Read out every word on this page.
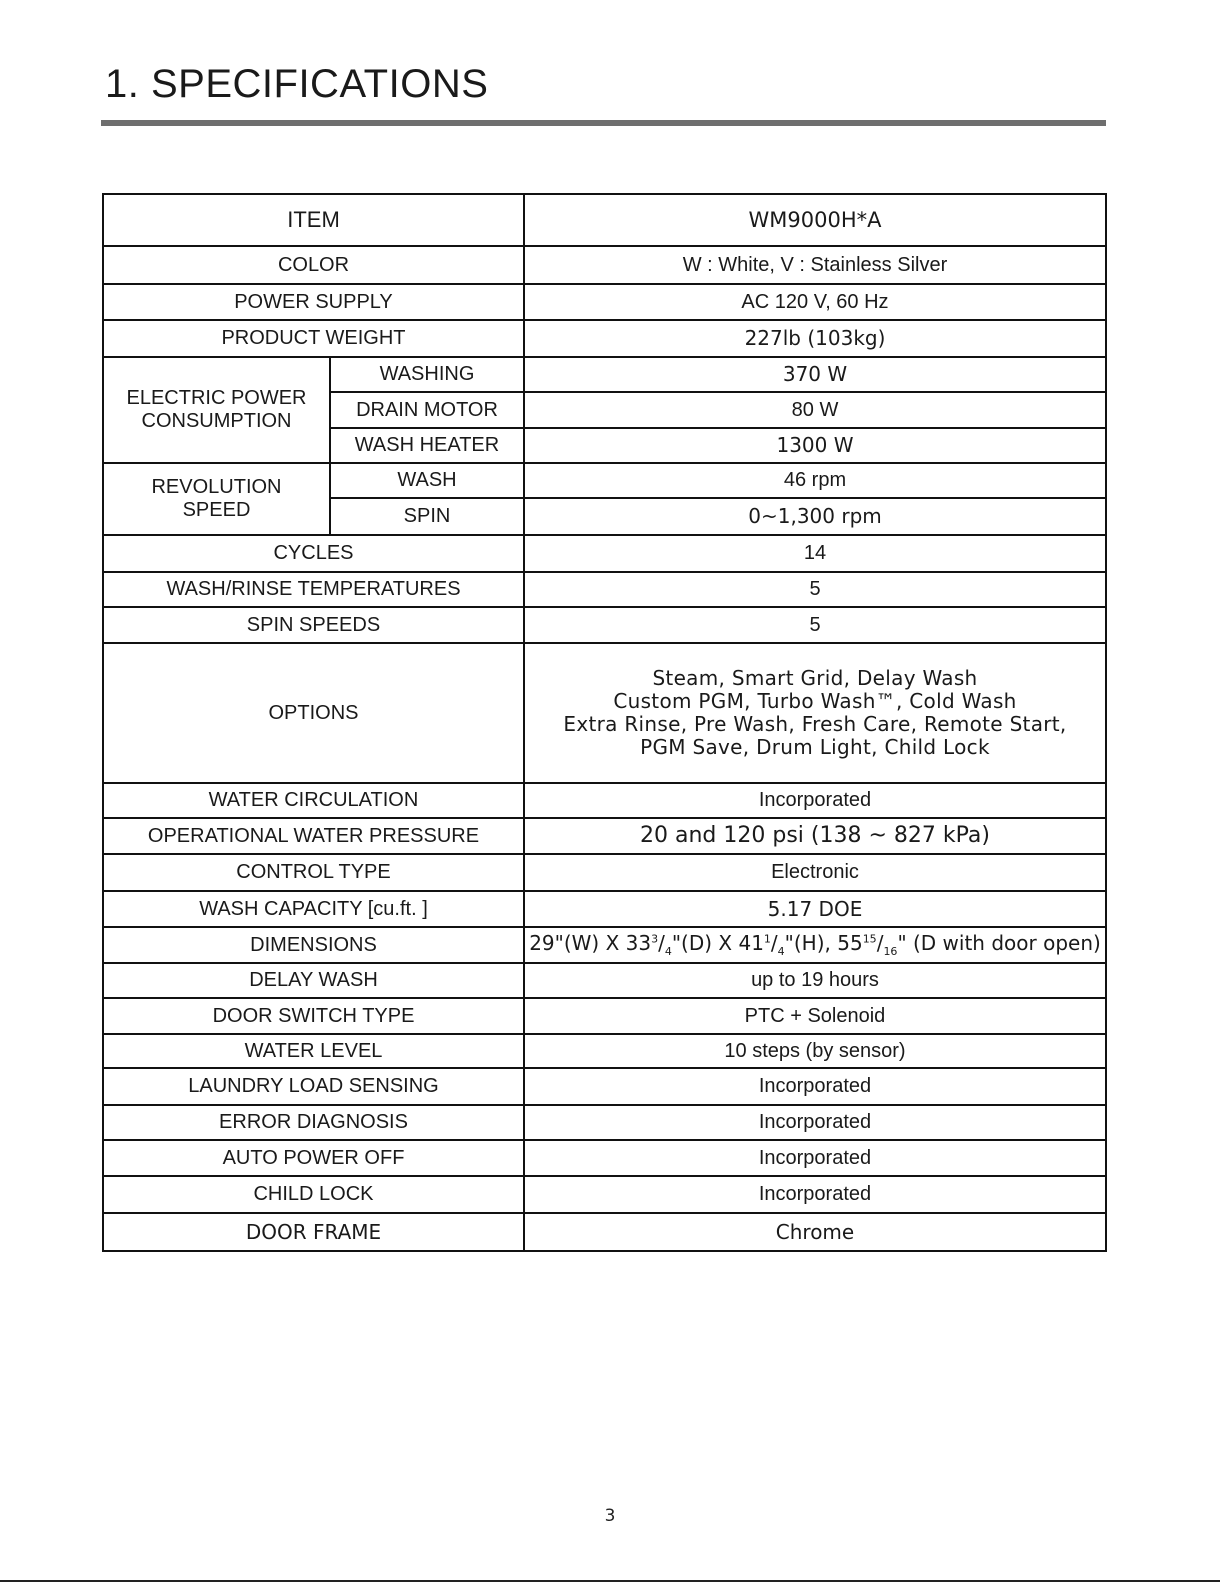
1. SPECIFICATIONS
ITEM		WM9000H*A
COLOR		W : White, V : Stainless Silver
POWER SUPPLY		AC 120 V, 60 Hz
PRODUCT WEIGHT		227lb (103kg)

ELECTRIC POWER
CONSUMPTION	WASHING	370 W
	DRAIN MOTOR	80 W
	WASH HEATER	1300 W

REVOLUTION
SPEED	WASH	46 rpm
	SPIN	0~1,300 rpm
CYCLES		14
WASH/RINSE TEMPERATURES		5
SPIN SPEEDS		5
OPTIONS		Steam, Smart Grid, Delay Wash
Custom PGM, Turbo Wash™, Cold Wash
Extra Rinse, Pre Wash, Fresh Care, Remote Start,
PGM Save, Drum Light, Child Lock

WATER CIRCULATION		Incorporated
OPERATIONAL WATER PRESSURE		20 and 120 psi (138 ~ 827 kPa)
CONTROL TYPE		Electronic
WASH CAPACITY [cu.ft. ]		5.17 DOE
DIMENSIONS		29"(W) X $33^3/_4"(D)$ X $41^1/_4"(H)$, $55^{15}/_{16}$" (D with door open)
DELAY WASH		up to 19 hours
DOOR SWITCH TYPE		PTC + Solenoid
WATER LEVEL		10 steps (by sensor)
LAUNDRY LOAD SENSING		Incorporated
ERROR DIAGNOSIS		Incorporated
AUTO POWER OFF		Incorporated
CHILD LOCK		Incorporated
DOOR FRAME		Chrome
3
